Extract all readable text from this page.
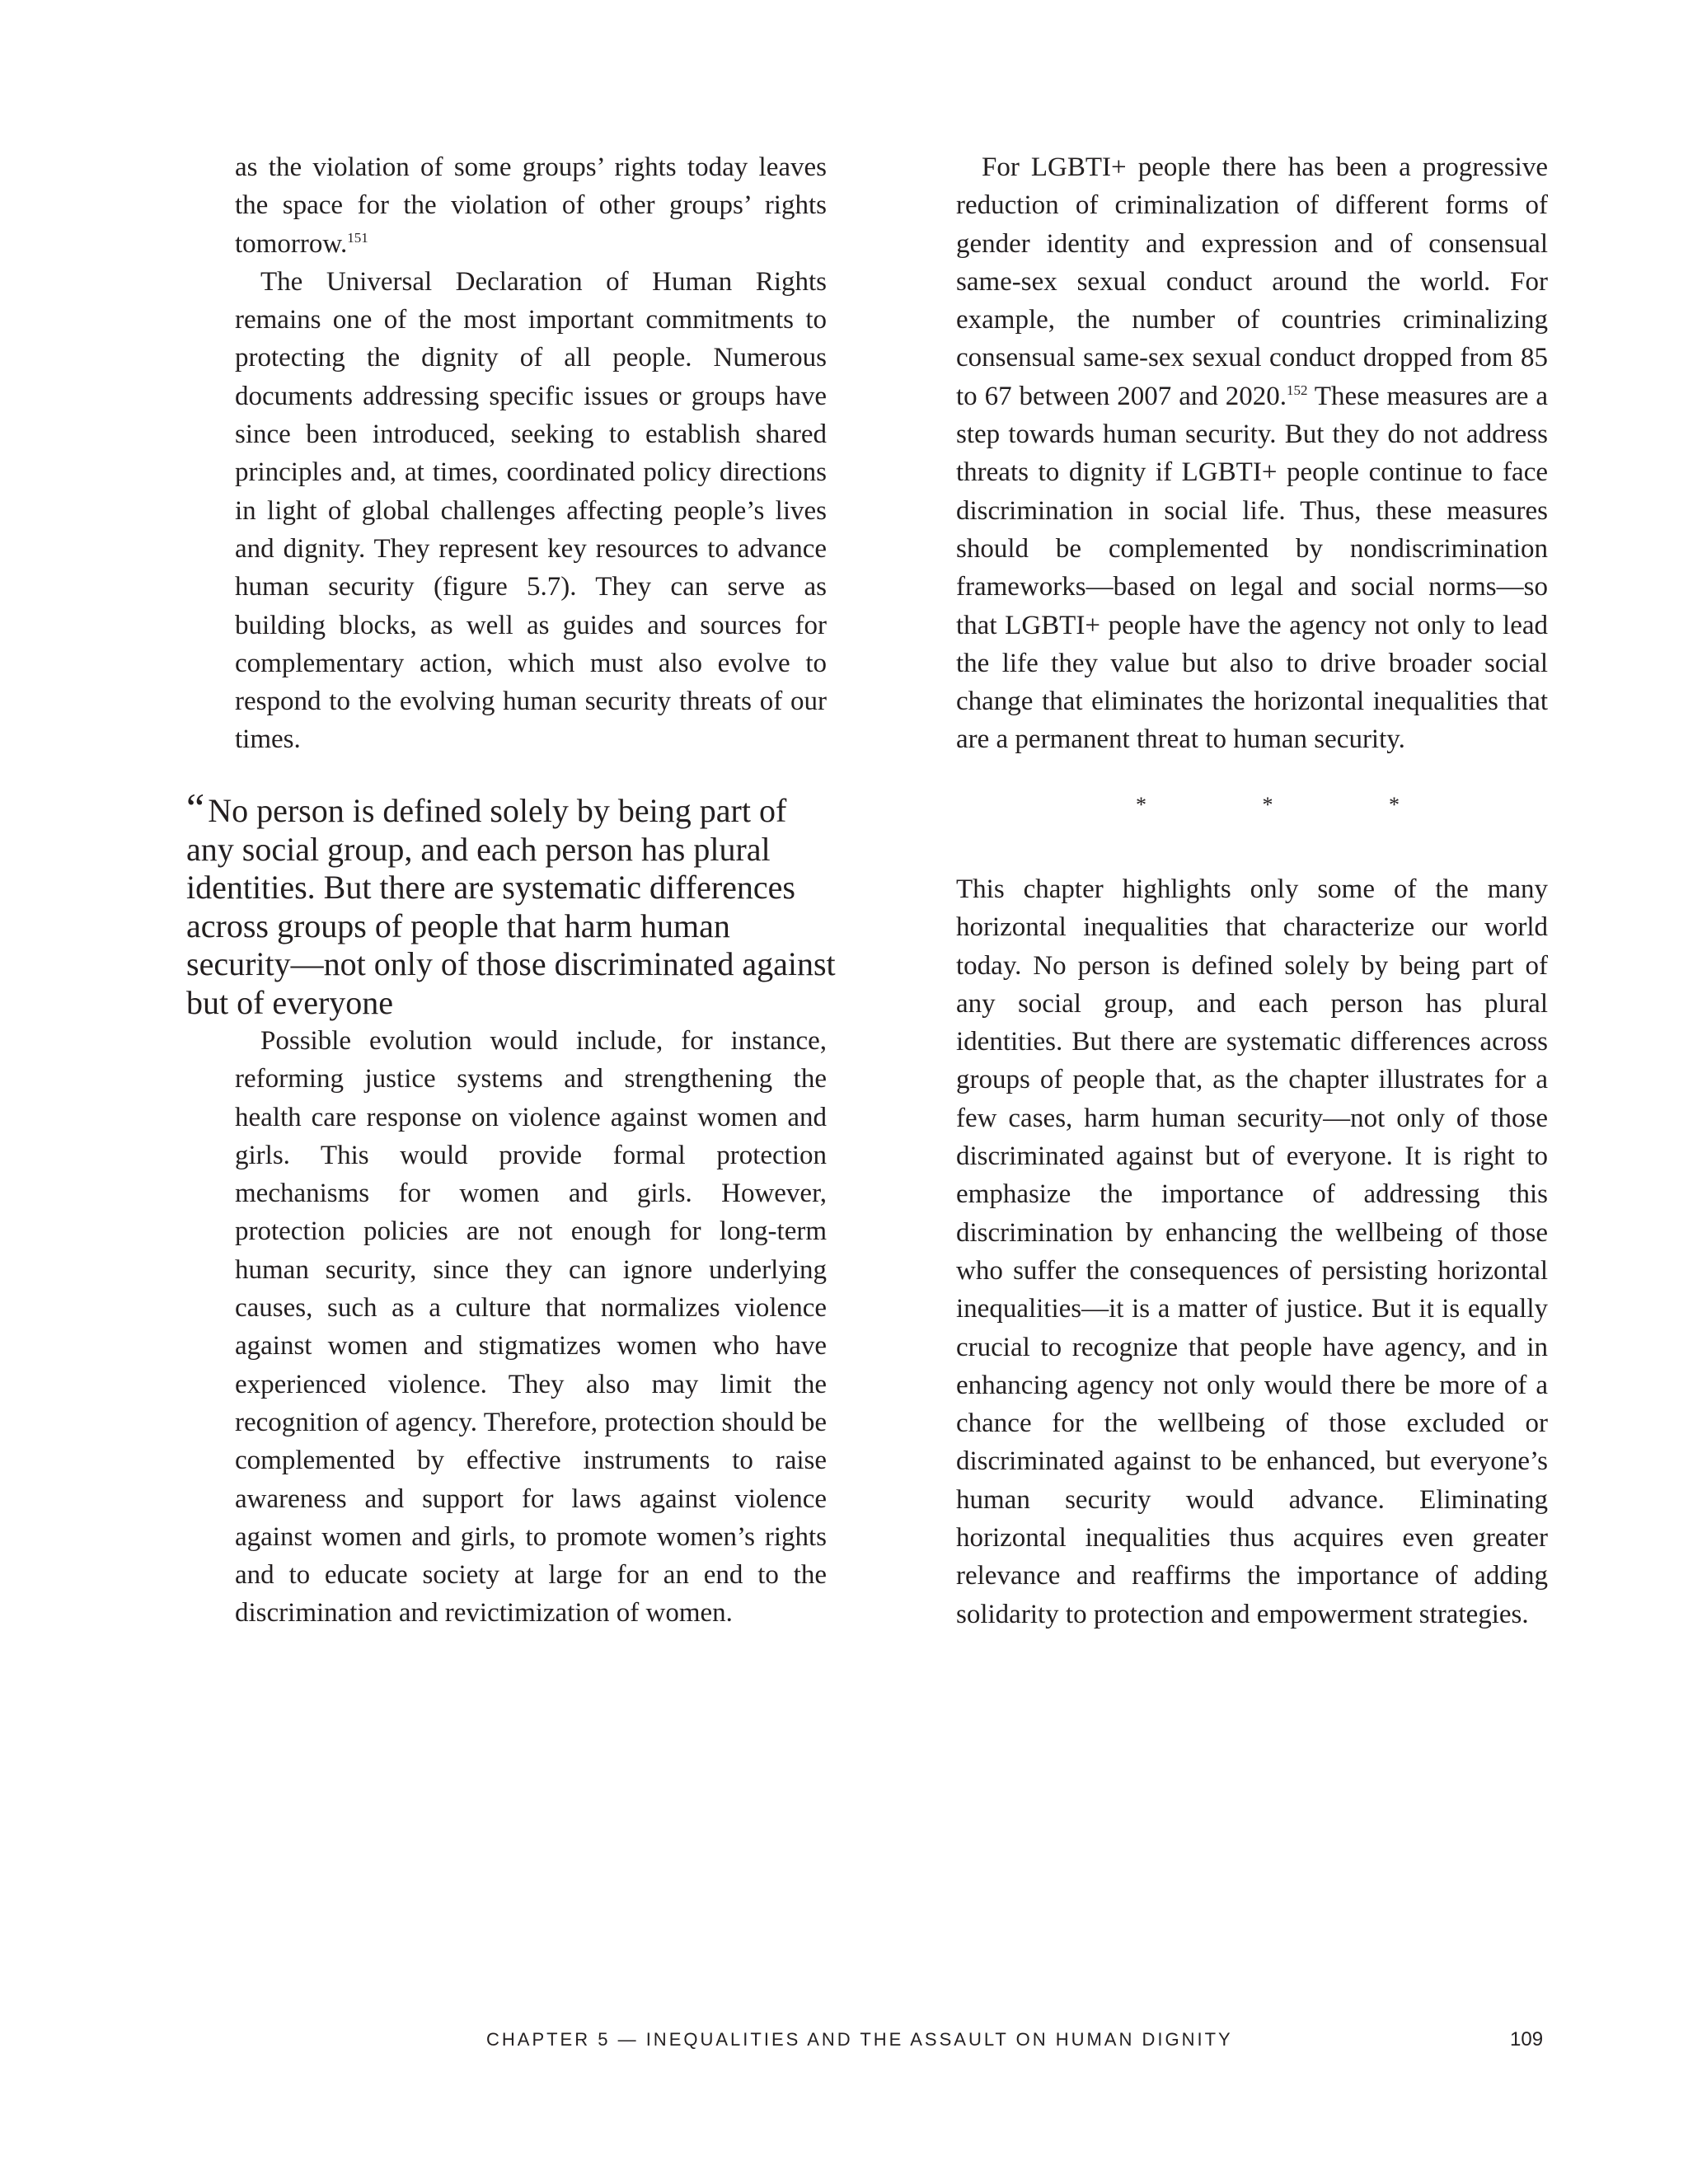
as the violation of some groups’ rights today leaves the space for the violation of other groups’ rights tomorrow.$^{151}$

The Universal Declaration of Human Rights remains one of the most important commitments to protecting the dignity of all people. Numerous documents addressing specific issues or groups have since been introduced, seeking to establish shared principles and, at times, coordinated policy directions in light of global challenges affecting people’s lives and dignity. They represent key resources to advance human security (figure 5.7). They can serve as building blocks, as well as guides and sources for complementary action, which must also evolve to respond to the evolving human security threats of our times.

“ No person is defined solely by being part of any social group, and each person has plural identities. But there are systematic differences across groups of people that harm human security—not only of those discriminated against but of everyone

Possible evolution would include, for instance, reforming justice systems and strengthening the health care response on violence against women and girls. This would provide formal protection mechanisms for women and girls. However, protection policies are not enough for long-term human security, since they can ignore underlying causes, such as a culture that normalizes violence against women and stigmatizes women who have experienced violence. They also may limit the recognition of agency. Therefore, protection should be complemented by effective instruments to raise awareness and support for laws against violence against women and girls, to promote women’s rights and to educate society at large for an end to the discrimination and revictimization of women.

For LGBTI+ people there has been a progressive reduction of criminalization of different forms of gender identity and expression and of consensual same-sex sexual conduct around the world. For example, the number of countries criminalizing consensual same-sex sexual conduct dropped from 85 to 67 between 2007 and 2020.$^{152}$ These measures are a step towards human security. But they do not address threats to dignity if LGBTI+ people continue to face discrimination in social life. Thus, these measures should be complemented by nondiscrimination frameworks—based on legal and social norms—so that LGBTI+ people have the agency not only to lead the life they value but also to drive broader social change that eliminates the horizontal inequalities that are a permanent threat to human security.

*	*	*

This chapter highlights only some of the many horizontal inequalities that characterize our world today. No person is defined solely by being part of any social group, and each person has plural identities. But there are systematic differences across groups of people that, as the chapter illustrates for a few cases, harm human security—not only of those discriminated against but of everyone. It is right to emphasize the importance of addressing this discrimination by enhancing the wellbeing of those who suffer the consequences of persisting horizontal inequalities—it is a matter of justice. But it is equally crucial to recognize that people have agency, and in enhancing agency not only would there be more of a chance for the wellbeing of those excluded or discriminated against to be enhanced, but everyone’s human security would advance. Eliminating horizontal inequalities thus acquires even greater relevance and reaffirms the importance of adding solidarity to protection and empowerment strategies.

CHAPTER 5 — INEQUALITIES AND THE ASSAULT ON HUMAN DIGNITY	109
